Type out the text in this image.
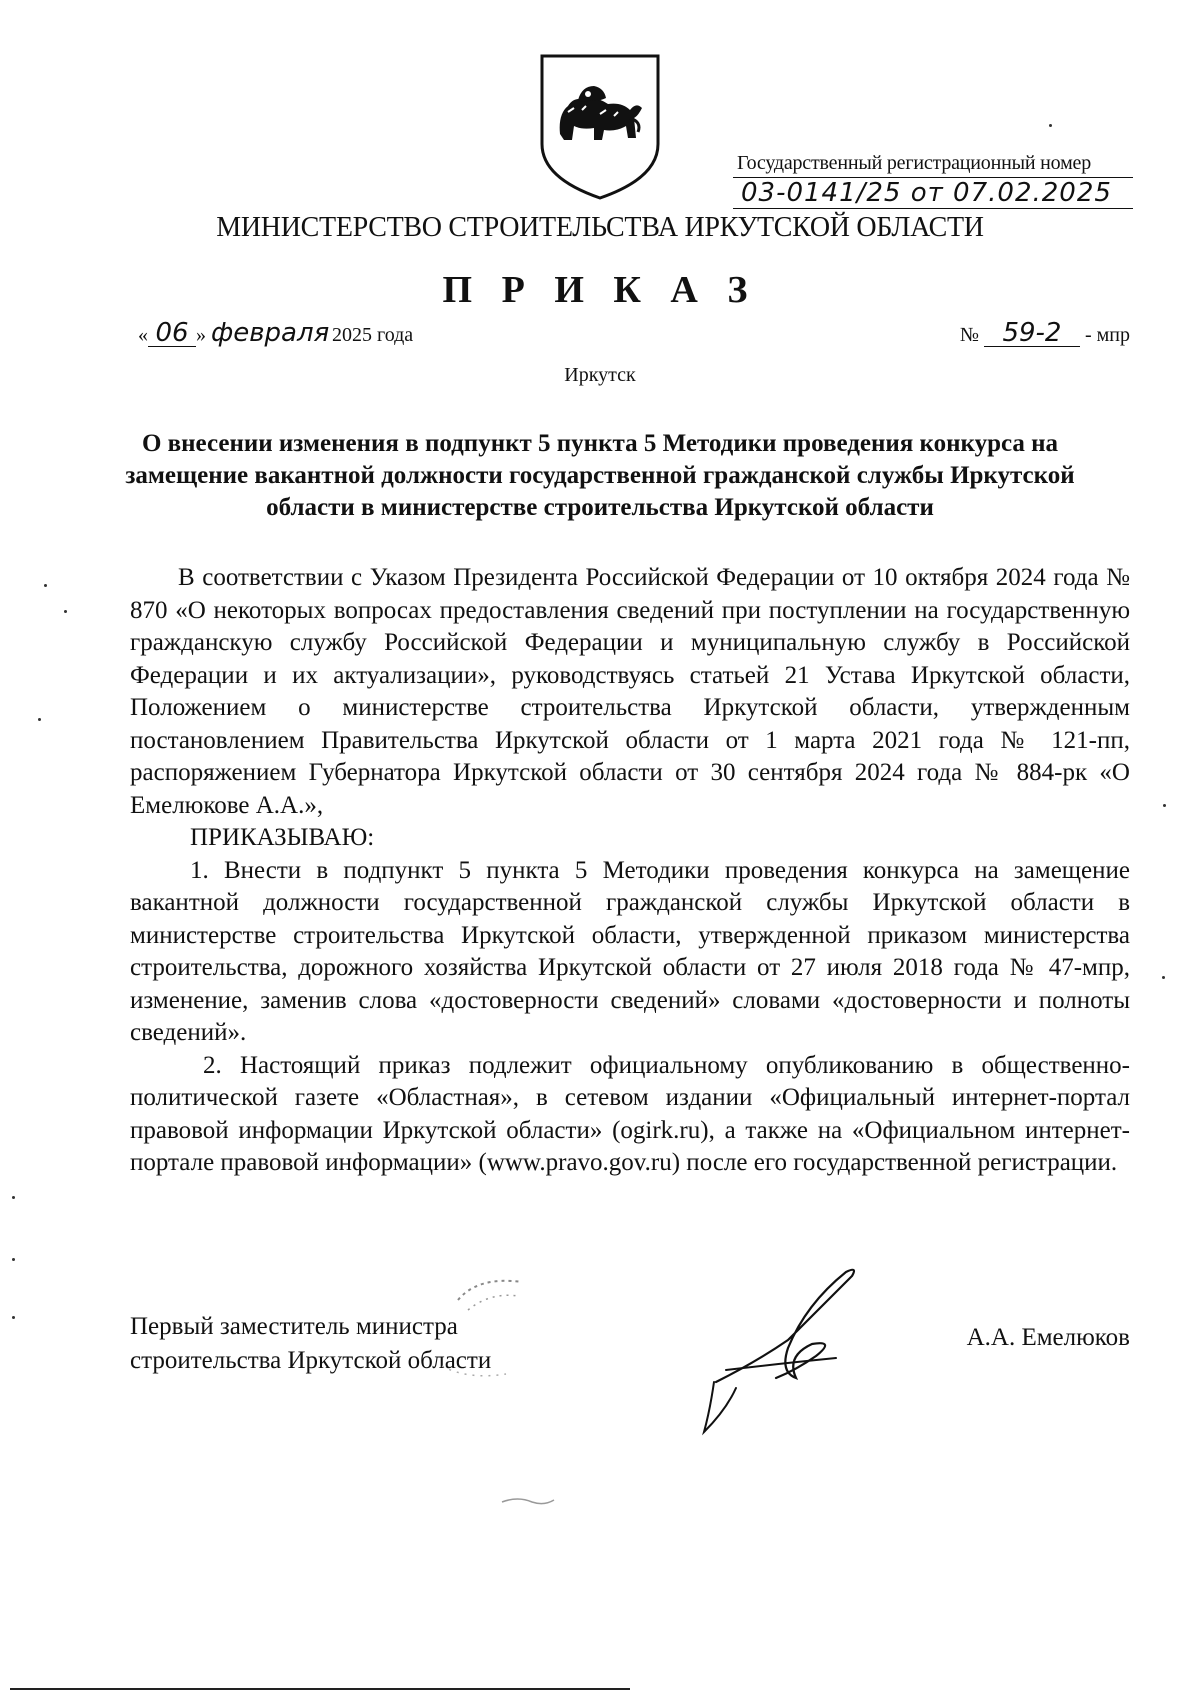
Государственный регистрационный номер
03-0141/25 от 07.02.2025
МИНИСТЕРСТВО СТРОИТЕЛЬСТВА ИРКУТСКОЙ ОБЛАСТИ
П Р И К А З
« 06 » февраля 2025 года	№ 59-2 - мпр
Иркутск
О внесении изменения в подпункт 5 пункта 5 Методики проведения конкурса на замещение вакантной должности государственной гражданской службы Иркутской области в министерстве строительства Иркутской области

В соответствии с Указом Президента Российской Федерации от 10 октября 2024 года № 870 «О некоторых вопросах предоставления сведений при поступлении на государственную гражданскую службу Российской Федерации и муниципальную службу в Российской Федерации и их актуализации», руководствуясь статьей 21 Устава Иркутской области, Положением о министерстве строительства Иркутской области, утвержденным постановлением Правительства Иркутской области от 1 марта 2021 года № 121-пп, распоряжением Губернатора Иркутской области от 30 сентября 2024 года № 884-рк «О Емелюкове А.А.»,

ПРИКАЗЫВАЮ:

1. Внести в подпункт 5 пункта 5 Методики проведения конкурса на замещение вакантной должности государственной гражданской службы Иркутской области в министерстве строительства Иркутской области, утвержденной приказом министерства строительства, дорожного хозяйства Иркутской области от 27 июля 2018 года № 47-мпр, изменение, заменив слова «достоверности сведений» словами «достоверности и полноты сведений».

2. Настоящий приказ подлежит официальному опубликованию в общественно-политической газете «Областная», в сетевом издании «Официальный интернет-портал правовой информации Иркутской области» (ogirk.ru), а также на «Официальном интернет-портале правовой информации» (www.pravo.gov.ru) после его государственной регистрации.

Первый заместитель министра
строительства Иркутской области
А.А. Емелюков
